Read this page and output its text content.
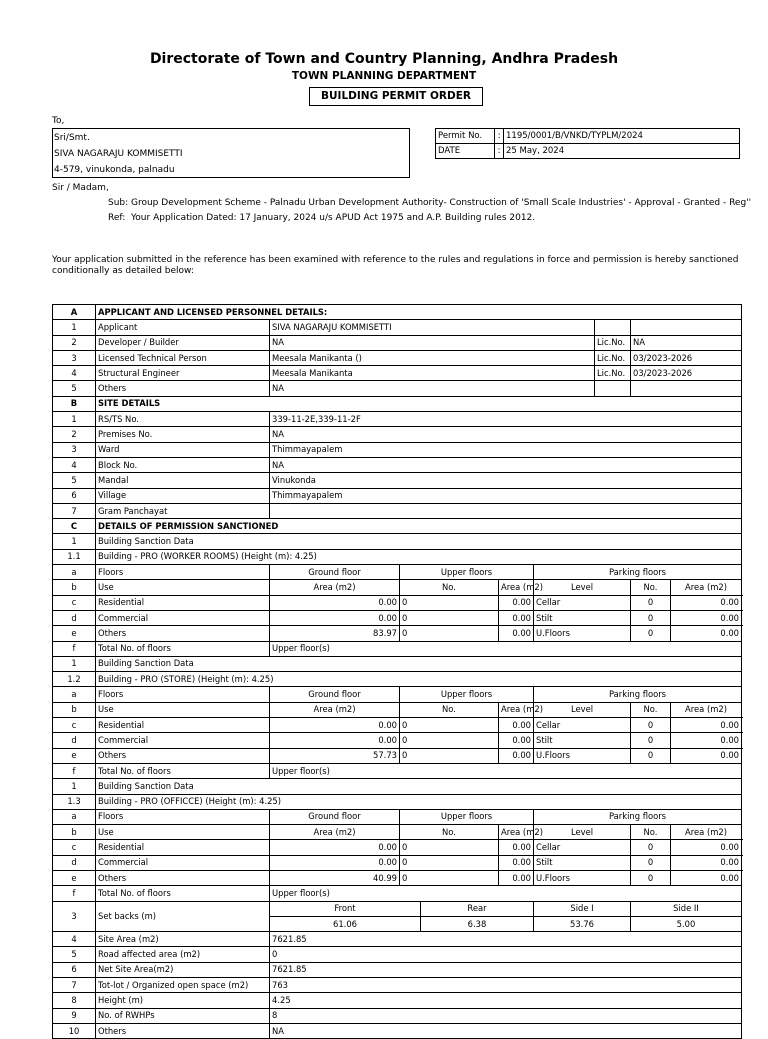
Directorate of Town and Country Planning, Andhra Pradesh
TOWN PLANNING DEPARTMENT
BUILDING PERMIT ORDER
To,
Sri/Smt.
SIVA NAGARAJU KOMMISETTI
4-579, vinukonda, palnadu
Permit No.	:	1195/0001/B/VNKD/TYPLM/2024
DATE	:	25 May, 2024
Sir / Madam,
Sub: Group Development Scheme - Palnadu Urban Development Authority- Construction of 'Small Scale Industries' - Approval - Granted - Reg''
Ref: Your Application Dated: 17 January, 2024 u/s APUD Act 1975 and A.P. Building rules 2012.
Your application submitted in the reference has been examined with reference to the rules and regulations in force and permission is hereby sanctioned conditionally as detailed below:
A	APPLICANT AND LICENSED PERSONNEL DETAILS:								
1	Applicant	SIVA NAGARAJU KOMMISETTI							
2	Developer / Builder	NA					Lic.No.	NA	
3	Licensed Technical Person	Meesala Manikanta ()					Lic.No.	03/2023-2026	
4	Structural Engineer	Meesala Manikanta					Lic.No.	03/2023-2026	
5	Others	NA							
B	SITE DETAILS								
1	RS/TS No.	339-11-2E,339-11-2F							
2	Premises No.	NA							
3	Ward	Thimmayapalem							
4	Block No.	NA							
5	Mandal	Vinukonda							
6	Village	Thimmayapalem							
7	Gram Panchayat								
C	DETAILS OF PERMISSION SANCTIONED								
1	Building Sanction Data								
1.1	Building - PRO (WORKER ROOMS) (Height (m): 4.25)								
a	Floors	Ground floor	Upper floors			Parking floors			
b	Use	Area (m2)	No.		Area (m2)	Level		No.	Area (m2)
c	Residential	0.00	0		0.00	Cellar		0	0.00
d	Commercial	0.00	0		0.00	Stilt		0	0.00
e	Others	83.97	0		0.00	U.Floors		0	0.00
f	Total No. of floors	Upper floor(s)							
1	Building Sanction Data								
1.2	Building - PRO (STORE) (Height (m): 4.25)								
a	Floors	Ground floor	Upper floors			Parking floors			
b	Use	Area (m2)	No.		Area (m2)	Level		No.	Area (m2)
c	Residential	0.00	0		0.00	Cellar		0	0.00
d	Commercial	0.00	0		0.00	Stilt		0	0.00
e	Others	57.73	0		0.00	U.Floors		0	0.00
f	Total No. of floors	Upper floor(s)							
1	Building Sanction Data								
1.3	Building - PRO (OFFICCE) (Height (m): 4.25)								
a	Floors	Ground floor	Upper floors			Parking floors			
b	Use	Area (m2)	No.		Area (m2)	Level		No.	Area (m2)
c	Residential	0.00	0		0.00	Cellar		0	0.00
d	Commercial	0.00	0		0.00	Stilt		0	0.00
e	Others	40.99	0		0.00	U.Floors		0	0.00
f	Total No. of floors	Upper floor(s)							
3	Set backs (m)	Front		Rear		Side I		Side II	
		61.06		6.38		53.76		5.00	
4	Site Area (m2)	7621.85							
5	Road affected area (m2)	0							
6	Net Site Area(m2)	7621.85							
7	Tot-lot / Organized open space (m2)	763							
8	Height (m)	4.25							
9	No. of RWHPs	8							
10	Others	NA							
